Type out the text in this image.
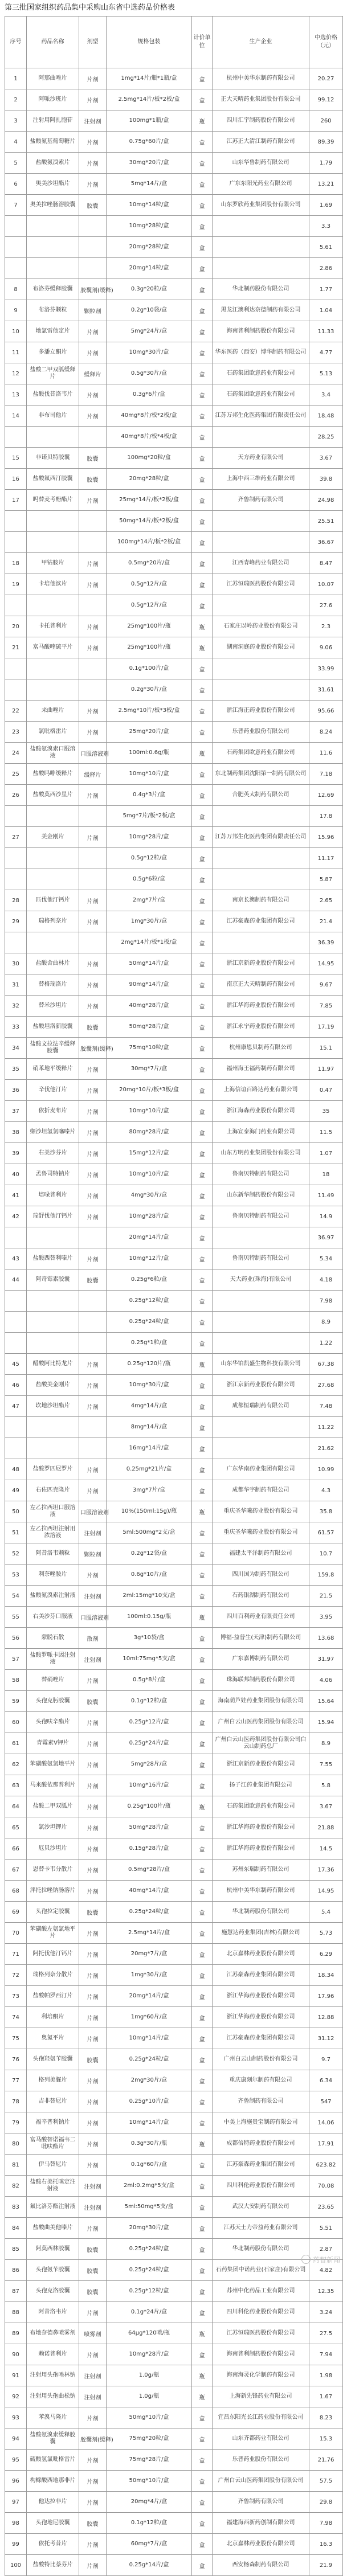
第三批国家组织药品集中采购山东省中选药品价格表
序号	药品名称	剂型	规格包装	计价单位	生产企业	中选价格（元）
1	阿那曲唑片	片剂	1mg*14片/瓶*1瓶/盒	盒	杭州中美华东制药有限公司	20.27
2	阿哌沙班片	片剂	2.5mg*14片/板*2板/盒	盒	正大天晴药业集团股份有限公司	99.12
3	注射用阿扎胞苷	注射剂	100mg*1瓶/盒	瓶	四川汇宇制药股份有限公司	260
4	盐酸氨基葡萄糖片	片剂	0.75g*60片/盒	盒	江苏正大清江制药有限公司	89.39
5	盐酸氨溴索片	片剂	30mg*20片/盒	盒	山东华鲁制药有限公司	1.79
6	奥美沙坦酯片	片剂	5mg*14片/盒	盒	广东东阳光药业有限公司	13.21
7	奥美拉唑肠溶胶囊	胶囊	10mg*14粒/盒	盒	山东罗欣药业集团股份有限公司	1.69
			10mg*28粒/盒	盒		3.3
			20mg*28粒/盒	盒		5.61
			20mg*14粒/盒	盒		2.86
8	布洛芬缓释胶囊	胶囊剂(缓释)	0.3g*20粒/盒	盒	华北制药股份有限公司	1.77
9	布洛芬颗粒	颗粒剂	0.2g*10袋/盒	盒	黑龙江澳利达奈德制药有限公司	1.04
10	地氯雷他定片	片剂	5mg*24片/盒	盒	海南普利制药股份有限公司	11.33
11	多潘立酮片	片剂	10mg*30片/盒	盒	华东医药（西安）博华制药有限公司	4.77
12	盐酸二甲双胍缓释片	缓释片	0.5g*30片/盒	盒	石药集团欧意药业有限公司	5.13
13	盐酸伐昔洛韦片	片剂	0.3g*6片/盒	盒	石药集团欧意药业有限公司	3.4
14	非布司他片	片剂	40mg*8片/板*2板/盒	盒	江苏万邦生化医药集团有限责任公司	18.48
			40mg*8片/板*4板/盒	盒		28.25
15	非诺贝特胶囊	胶囊	100mg*20粒/盒	盒	天方药业有限公司	3.67
16	盐酸氟西汀胶囊	胶囊	20mg*28粒/盒	盒	上海中西三维药业有限公司	39.8
17	吗替麦考酚酯片	片剂	25mg*14片/板*2板/盒	盒	齐鲁制药有限公司	24.98
			50mg*14片/板*2板/盒	盒		25.51
			100mg*14片/板*2板/盒	盒		36.67
18	甲钴胺片	片剂	0.5mg*20片/盒	盒	江西青峰药业有限公司	8.47
19	卡培他滨片	片剂	0.5g*12片/盒	盒	江苏恒瑞医药股份有限公司	10.07
			0.5g*12片/盒	盒		27.6
20	卡托普利片	片剂	25mg*100片/瓶	瓶	石家庄以岭药业股份有限公司	2.3
21	富马酸喹硫平片	片剂	25mg*100片/瓶	瓶	湖南洞庭药业股份有限公司	9.06
			0.1g*100片/盒	盒		33.99
			0.2g*30片/盒	盒		31.61
22	来曲唑片	片剂	2.5mg*10片/板*3板/盒	盒	浙江海正药业股份有限公司	95.66
23	氯吡格雷片	片剂	25mg*20片/盒	盒	乐普药业股份有限公司	8.24
24	盐酸氨溴索口服溶液	口服溶液剂	100ml:0.6g/瓶	瓶	石药集团欧意药业有限公司	11.6
25	盐酸吗啡缓释片	缓释片	10mg*10片/盒	盒	东北制药集团沈阳第一制药有限公司	7.18
26	盐酸莫西沙星片	片剂	0.4g*3片/盒	盒	合肥英太制药有限公司	12.69
			5mg*7片/板*2板/盒	盒		17.8
27	美金刚片	片剂	10mg*28片/盒	盒	江苏万邦生化医药集团有限责任公司	15.96
			0.5g*12粒/盒	盒		11.17
			0.5g*6粒/盒	盒		5.87
28	匹伐他汀钙片	片剂	2mg*7片/盒	盒	南京长澳制药有限公司	2.65
29	瑞格列奈片	片剂	1mg*30片/盒	盒	江苏豪森药业集团有限公司	21.4
			2mg*14片/板*1板/盒	盒		36.39
30	盐酸舍曲林片	片剂	50mg*14片/盒	盒	浙江京新药业股份有限公司	14.95
31	替格瑞洛片	片剂	90mg*14片/盒	盒	南京正大天晴制药有限公司	9.67
32	替米沙坦片	片剂	40mg*28片/盒	盒	浙江华海药业股份有限公司	7.85
33	盐酸坦洛新胶囊	胶囊	50mg*28片/盒	盒	浙江永宁药业股份有限公司	17.19
34	盐酸文拉法辛缓释胶囊	胶囊剂(缓释)	75mg*10粒/盒	盒	杭州康恩贝制药有限公司	15.1
35	硝苯地平缓释片	片剂	30mg*7片/盒	盒	福州海王福药制药有限公司	11.97
36	辛伐他汀片	片剂	20mg*10片/板*3板/盒	盒	上海信谊百路达药业有限公司	0.47
37	依折麦布片	片剂	10mg*10片/盒	盒	浙江海森药业股份有限公司	35
38	缬沙坦氢氯噻嗪片	片剂	80mg*28片/盒	盒	上海宣泰海门药业有限公司	11.5
39	右美沙芬片	片剂	15mg*12片/盒	盒	山东方明药业集团股份有限公司	1.07
40	孟鲁司特钠片	片剂	10mg*10片/盒	盒	鲁南贝特制药有限公司	18
41	培哚普利片	片剂	4mg*30片/盒	盒	山东新华制药股份有限公司	11.49
42	瑞舒伐他汀钙片	片剂	10mg*28片/盒	盒	鲁南贝特制药有限公司	14.9
			20mg*14片/盒	盒		36.97
43	盐酸西替利嗪片	片剂	10mg*12片/盒	盒	鲁南贝特制药有限公司	5.34
44	阿奇霉素胶囊	胶囊	0.25g*6粒/盒	盒	天大药业(珠海)有限公司	4.18
			0.25g*12粒/盒	盒		7.98
			0.25g*24粒/盒	盒		8.9
			0.25g*1粒/盒	盒		1.22
45	醋酸阿比特龙片	片剂	0.25g*120片/瓶	瓶	山东华铂凯盛生物科技有限公司	67.38
46	盐酸美金刚片	片剂	10mg*30片/盒	盒	浙江京新药业股份有限公司	27.68
47	坎地沙坦酯片	片剂	4mg*14片/盒	盒	成都恒瑞制药有限公司	7.48
			8mg*14片/盒	盒		11.22
			16mg*14片/盒	盒		21.62
48	盐酸罗匹尼罗片	片剂	0.25mg*21片/盒	盒	广东华南药业集团有限公司	10.99
49	右佐匹克隆片	片剂	3mg*7片/盒	盒	成都华宇制药有限公司	4.3
50	左乙拉西坦口服溶液	口服溶液剂	10%(150ml:15g)/瓶	瓶	重庆圣华曦药业股份有限公司	35.8
51	左乙拉西坦注射用浓溶液	注射剂	5ml:500mg*2支/盒	盒	重庆圣华曦药业股份有限公司	61.57
52	阿昔洛韦颗粒	颗粒剂	0.2g*12袋/盒	盒	福建太平洋制药有限公司	10.7
53	利奈唑胺片	片剂	0.6g*10片/盒	盒	四川国为制药有限公司	159.8
54	盐酸氨溴索注射液	注射剂	2ml:15mg*10支/盒	盒	石药银湖制药有限公司	21.5
55	右美沙芬口服液	口服溶液剂	100ml:0.15g/瓶	瓶	四川百利药业有限责任公司	3.95
56	蒙脱石散	散剂	3g*10袋/盒	盒	博福-益普生(天津)制药有限公司	13.68
57	盐酸罗哌卡因注射液	注射剂	10ml:75mg*5支/盒	盒	广东嘉博制药有限公司	31.97
58	替硝唑片	片剂	0.5g*8片/盒	盒	珠海联邦制药股份有限公司	4.06
59	头孢克肟胶囊	胶囊	0.1g*12粒/盒	盒	海南葫芦娃药业集团股份有限公司	15.64
60	头孢呋辛酯片	片剂	0.25g*12片/盒	盒	广州白云山医药集团股份有限公司	15.94
61	青霉素V钾片	片剂	0.25g*24片/盒	盒	广州白云山医药集团股份有限公司白云山制药总厂	8.9
62	苯磺酸氨氯地平片	片剂	5mg*28片/盒	盒	浙江京新药业股份有限公司	7.55
63	马来酸依那普利片	片剂	10mg*16片/盒	盒	扬子江药业集团有限公司	5.8
64	盐酸二甲双胍片	片剂	0.25g*100片/瓶	瓶	石药集团欧意药业有限公司	3.67
65	氯沙坦钾片	片剂	50mg*28片/盒	盒	浙江华海药业股份有限公司	21.88
66	厄贝沙坦片	片剂	0.15g*28片/盒	盒	浙江华海药业股份有限公司	14.5
67	恩替卡韦分散片	片剂	0.5mg*28片/盒	盒	苏州东瑞制药有限公司	17.36
68	泮托拉唑钠肠溶片	片剂	40mg*14片/盒	盒	杭州中美华东制药有限公司	14.95
69	头孢拉定胶囊	胶囊	0.25g*24粒/盒	盒	华北制药股份有限公司	5.4
70	苯磺酸左氨氯地平片	片剂	2.5mg*14片/盒	盒	施慧达药业集团(吉林)有限公司	5.73
71	阿托伐他汀钙片	片剂	20mg*7片/盒	盒	北京嘉林药业股份有限公司	6.29
72	瑞格列奈分散片	片剂	1mg*30片/盒	盒	江苏豪森药业集团有限公司	18.34
73	盐酸帕罗西汀片	片剂	20mg*14片/盒	盒	浙江华海药业股份有限公司	17.96
74	利培酮片	片剂	1mg*60片/盒	盒	浙江华海药业股份有限公司	12.88
75	奥氮平片	片剂	10mg*14片/盒	盒	江苏豪森药业集团有限公司	31.12
76	头孢羟氨苄胶囊	胶囊	0.25g*24粒/盒	盒	广州白云山制药股份有限公司	9.7
77	格列美脲片	片剂	2mg*30片/盒	盒	重庆康刻尔制药有限公司	6.34
78	吉非替尼片	片剂	0.25g*10片/盒	盒	齐鲁制药有限公司	547
79	福辛普利钠片	片剂	10mg*14片/盒	盒	中美上海施贵宝制药有限公司	14.06
80	富马酸替诺福韦二吡呋酯片	片剂	0.3g*30片/瓶	瓶	成都倍特药业股份有限公司	17.91
81	伊马替尼片	片剂	0.1g*60片/盒	盒	江苏豪森药业集团有限公司	623.82
82	盐酸右美托咪定注射液	注射剂	2ml:0.2mg*5支/盒	盒	四川科伦药业股份有限公司	70.08
83	氟比洛芬酯注射液	注射剂	5ml:50mg*5支/盒	盒	武汉大安制药有限公司	23.65
84	盐酸曲美他嗪片	片剂	20mg*30片/盒	盒	江苏天士力帝益药业有限公司	5.51
85	阿莫西林胶囊	胶囊	0.25g*24粒/盒	盒	华北制药股份有限公司	2.87
86	头孢氨苄胶囊	胶囊	0.25g*24粒/盒	盒	石药集团中诺药业(石家庄)有限公司	4.82
87	头孢克洛胶囊	胶囊	0.25g*12粒/盒	盒	苏州中化药品工业有限公司	12.35
88	阿昔洛韦片	片剂	0.1g*24片/盒	盒	四川科伦药业股份有限公司	3.24
89	布地奈德鼻喷雾剂	喷雾剂	64μg*120喷/瓶	瓶	江苏恒瑞医药股份有限公司	27.5
90	赖诺普利片	片剂	10mg*28片/盒	盒	海南普利制药股份有限公司	7.94
91	注射用头孢唑林钠	注射剂	1.0g/瓶	瓶	海南海灵化学制药有限公司	1.98
92	注射用头孢曲松钠	注射剂	1.0g/瓶	瓶	上海新先锋药业有限公司	1.67
93	苯溴马隆片	片剂	50mg*10片/盒	盒	宜昌东阳光长江药业股份有限公司	8.23
94	盐酸氨溴索缓释胶囊	胶囊剂(缓释)	75mg*20粒/盒	盒	山东齐都药业有限公司	15.3
95	硫酸氢氯吡格雷片	片剂	75mg*28片/盒	盒	乐普药业股份有限公司	21.76
96	枸橼酸西地那非片	片剂	50mg*10片/盒	盒	广州白云山医药集团股份有限公司	57.5
97	他达拉非片	片剂	20mg*4片/盒	盒	齐鲁制药有限公司	29.8
98	头孢地尼胶囊	胶囊	0.1g*12粒/盒	盒	福建海西新药创制有限公司	7.98
99	依托考昔片	片剂	60mg*7片/盒	盒	北京嘉林药业股份有限公司	16.3
100	盐酸特比萘芬片	片剂	0.25g*14片/盒	盒	西安杨森制药有限公司	21.9
药智新闻
